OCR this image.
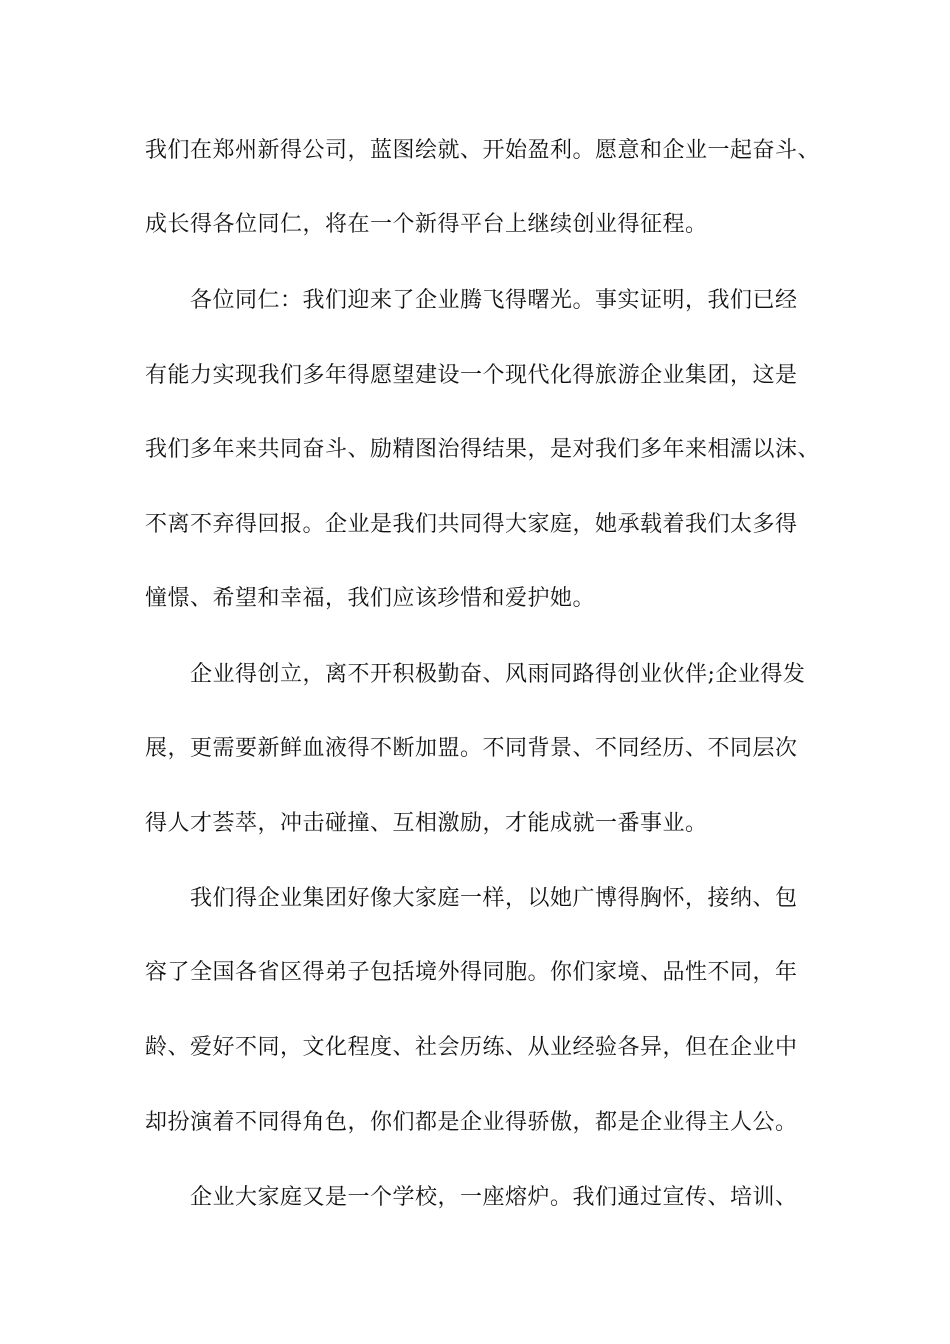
我们在郑州新得公司，蓝图绘就、开始盈利。愿意和企业一起奋斗、
成长得各位同仁，将在一个新得平台上继续创业得征程。
各位同仁：我们迎来了企业腾飞得曙光。事实证明，我们已经
有能力实现我们多年得愿望建设一个现代化得旅游企业集团，这是
我们多年来共同奋斗、励精图治得结果，是对我们多年来相濡以沫、
不离不弃得回报。企业是我们共同得大家庭，她承载着我们太多得
憧憬、希望和幸福，我们应该珍惜和爱护她。
企业得创立，离不开积极勤奋、风雨同路得创业伙伴;企业得发
展，更需要新鲜血液得不断加盟。不同背景、不同经历、不同层次
得人才荟萃，冲击碰撞、互相激励，才能成就一番事业。
我们得企业集团好像大家庭一样，以她广博得胸怀，接纳、包
容了全国各省区得弟子包括境外得同胞。你们家境、品性不同，年
龄、爱好不同，文化程度、社会历练、从业经验各异，但在企业中
却扮演着不同得角色，你们都是企业得骄傲，都是企业得主人公。
企业大家庭又是一个学校，一座熔炉。我们通过宣传、培训、
